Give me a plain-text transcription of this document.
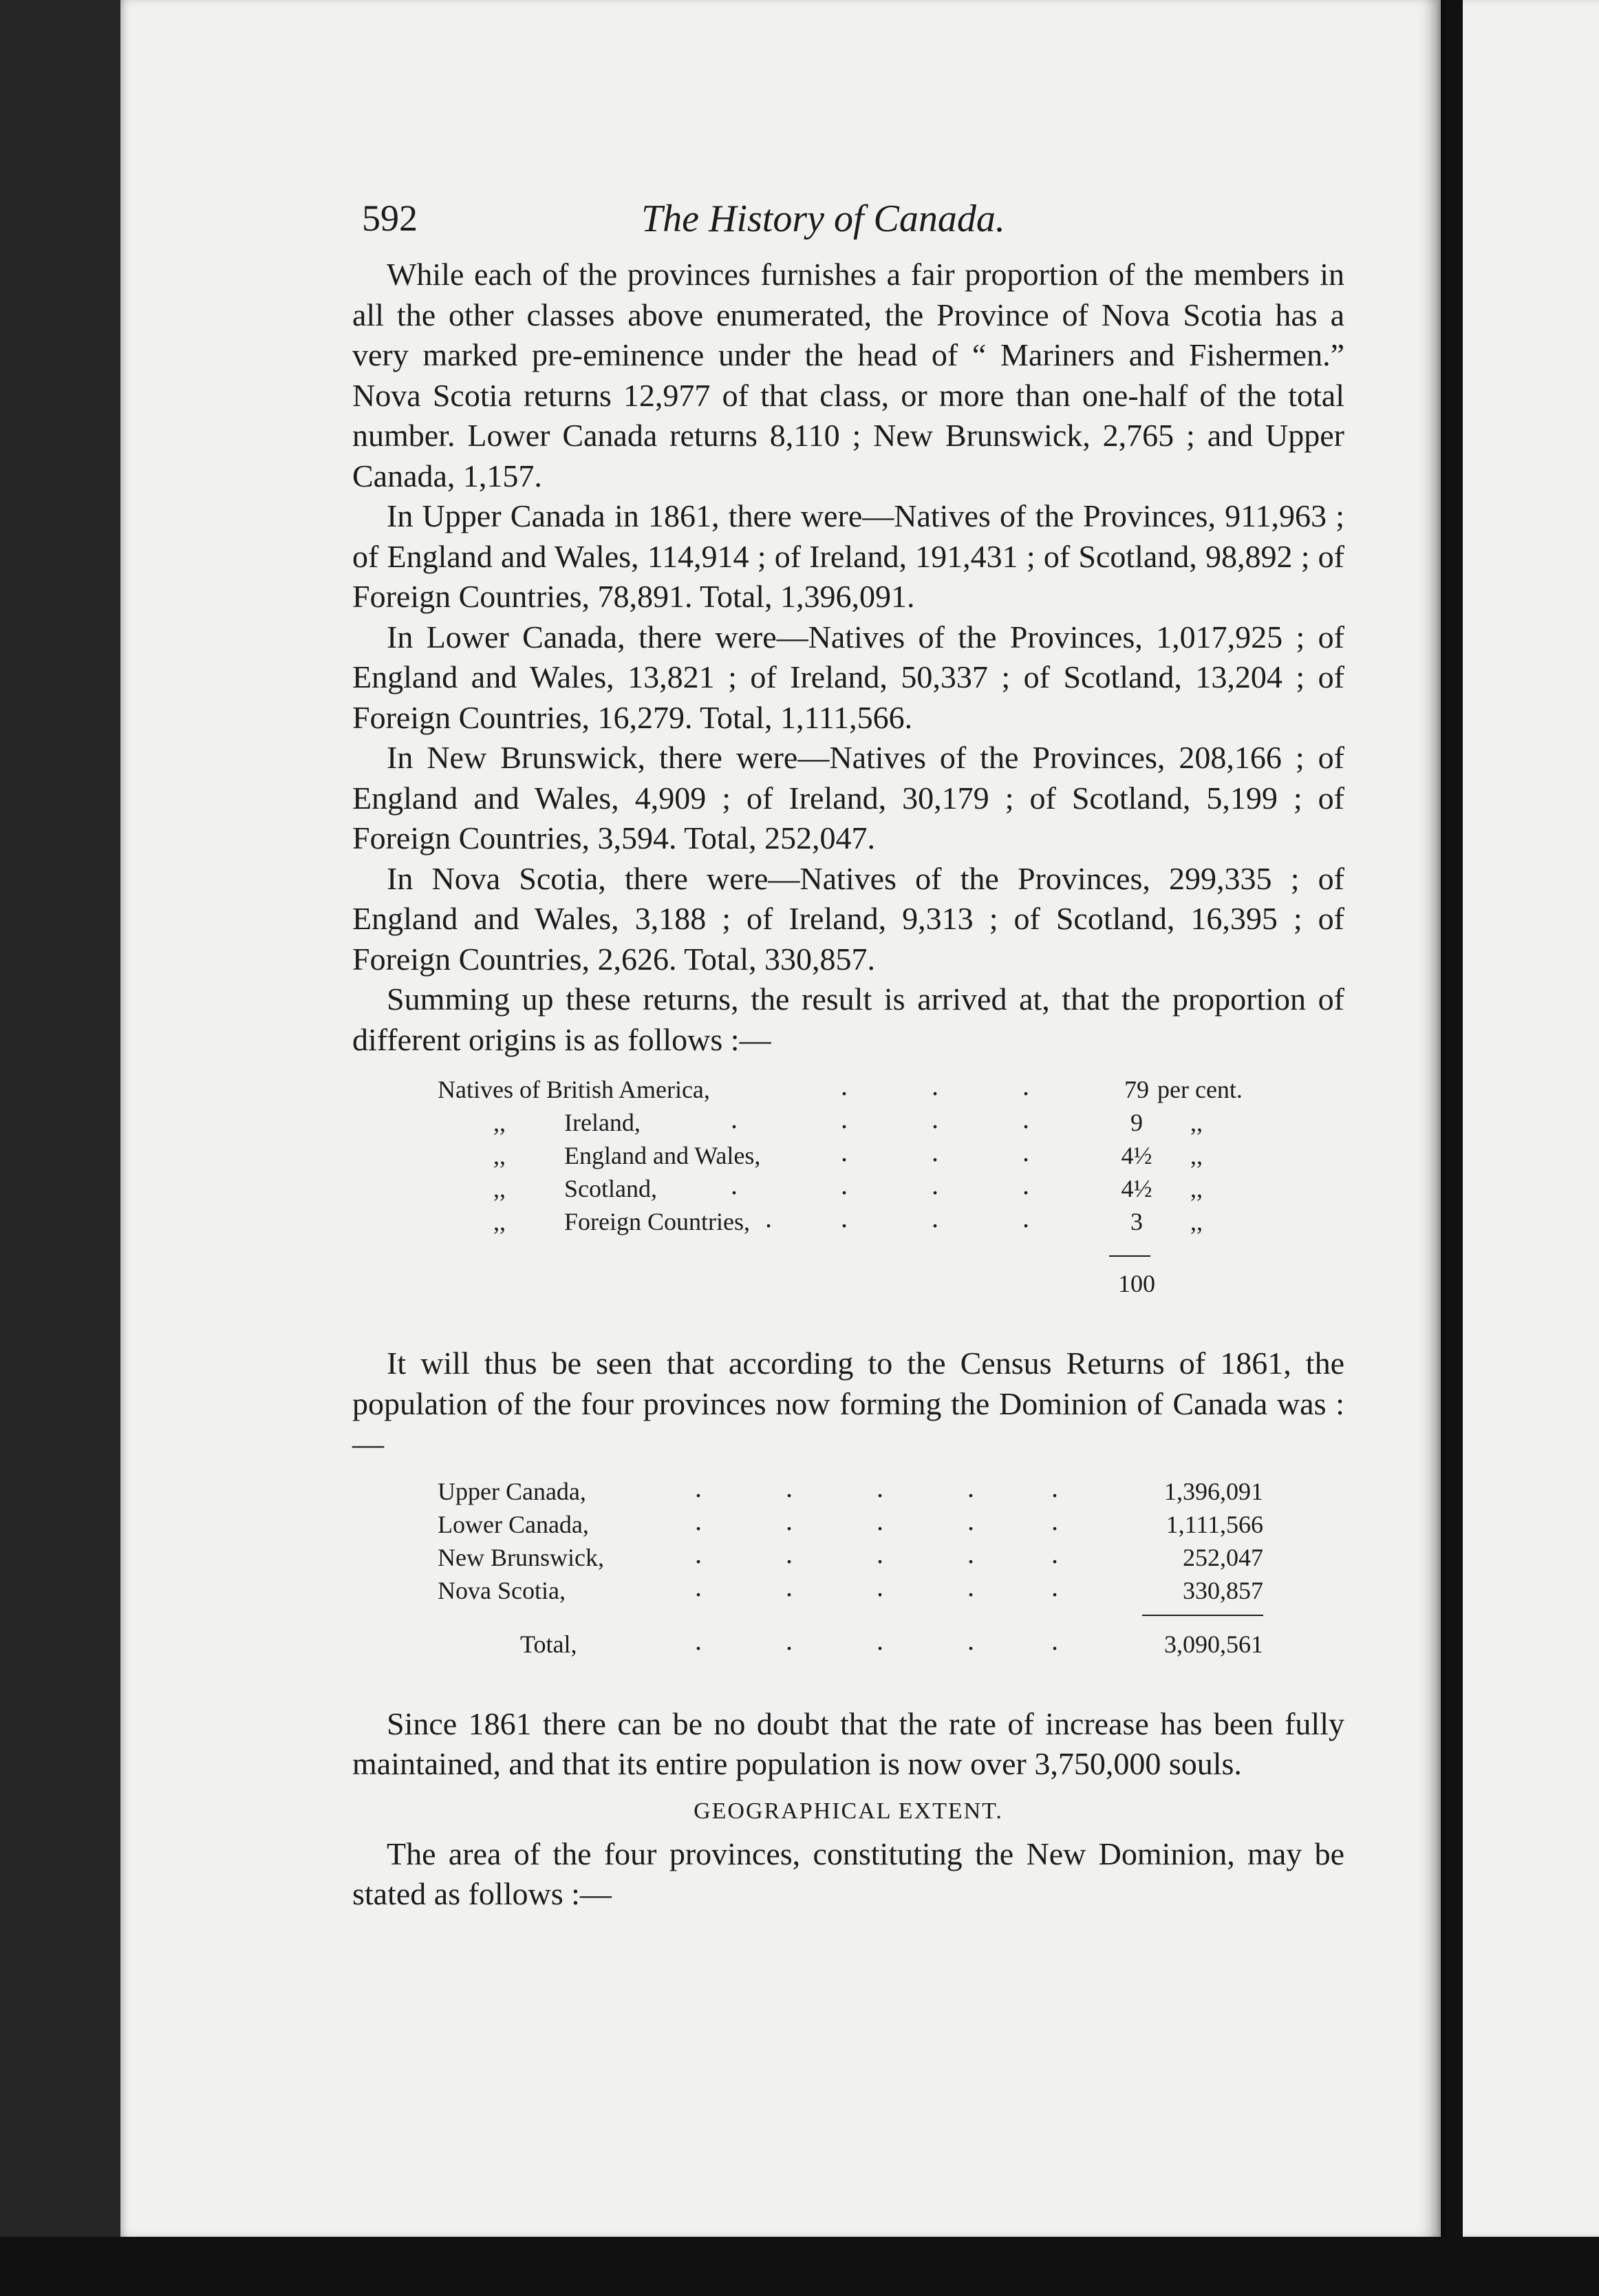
592	The History of Canada.

While each of the provinces furnishes a fair proportion of the members in all the other classes above enumerated, the Province of Nova Scotia has a very marked pre-eminence under the head of “ Mariners and Fishermen.” Nova Scotia returns 12,977 of that class, or more than one-half of the total number. Lower Canada returns 8,110 ; New Brunswick, 2,765 ; and Upper Canada, 1,157.

In Upper Canada in 1861, there were—Natives of the Provinces, 911,963 ; of England and Wales, 114,914 ; of Ireland, 191,431 ; of Scotland, 98,892 ; of Foreign Countries, 78,891. Total, 1,396,091.

In Lower Canada, there were—Natives of the Provinces, 1,017,925 ; of England and Wales, 13,821 ; of Ireland, 50,337 ; of Scotland, 13,204 ; of Foreign Countries, 16,279. Total, 1,111,566.

In New Brunswick, there were—Natives of the Provinces, 208,166 ; of England and Wales, 4,909 ; of Ireland, 30,179 ; of Scotland, 5,199 ; of Foreign Countries, 3,594. Total, 252,047.

In Nova Scotia, there were—Natives of the Provinces, 299,335 ; of England and Wales, 3,188 ; of Ireland, 9,313 ; of Scotland, 16,395 ; of Foreign Countries, 2,626. Total, 330,857.

Summing up these returns, the result is arrived at, that the proportion of different origins is as follows :—

Natives of British America,	.	.	.	79 per cent.
,, Ireland,	.	.	.	.	9	,,
,, England and Wales,	.	.	.	4½	,,
,, Scotland,	.	.	.	.	4½	,,
,, Foreign Countries, .	.	.	.	3	,,
100

It will thus be seen that according to the Census Returns of 1861, the population of the four provinces now forming the Dominion of Canada was :—

Upper Canada,	.	.	.	.	.	1,396,091
Lower Canada,	.	.	.	.	.	1,111,566
New Brunswick,	.	.	.	.	.	252,047
Nova Scotia,	.	.	.	.	.	330,857
Total,	.	.	.	.	.	3,090,561

Since 1861 there can be no doubt that the rate of increase has been fully maintained, and that its entire population is now over 3,750,000 souls.

GEOGRAPHICAL EXTENT.

The area of the four provinces, constituting the New Dominion, may be stated as follows :—
